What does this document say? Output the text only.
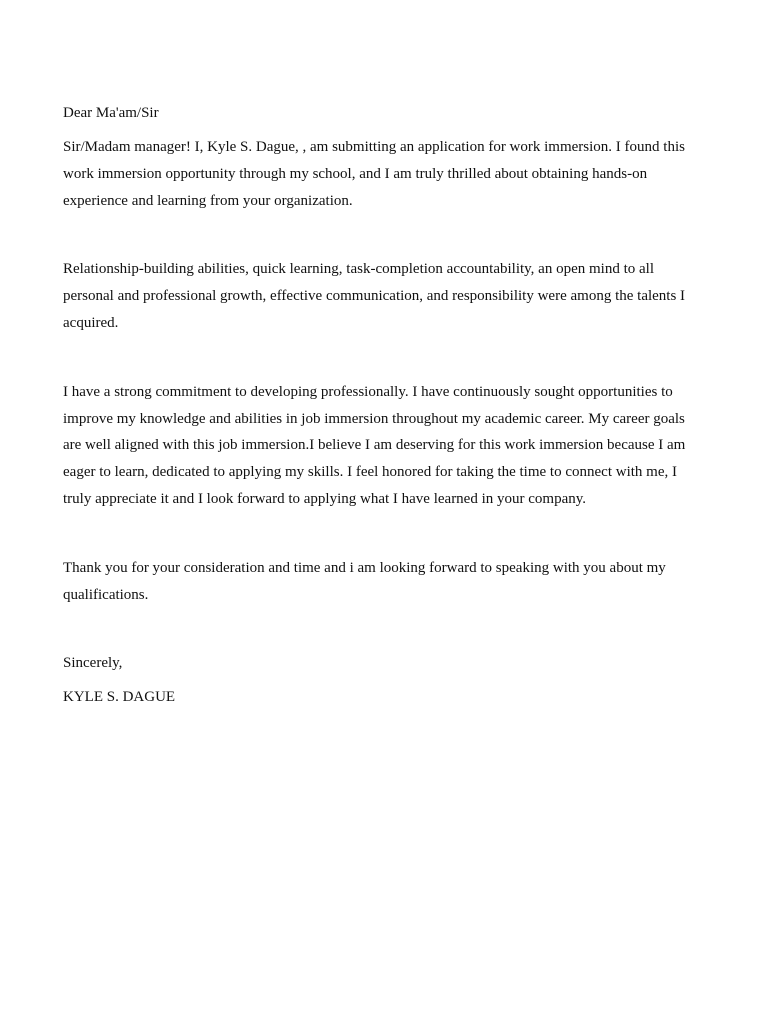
Dear Ma'am/Sir

Sir/Madam manager! I, Kyle S. Dague, , am submitting an application for work immersion. I found this work immersion opportunity through my school, and I am truly thrilled about obtaining hands-on experience and learning from your organization.

Relationship-building abilities, quick learning, task-completion accountability, an open mind to all personal and professional growth, effective communication, and responsibility were among the talents I acquired.

I have a strong commitment to developing professionally. I have continuously sought opportunities to improve my knowledge and abilities in job immersion throughout my academic career. My career goals are well aligned with this job immersion.I believe I am deserving for this work immersion because I am eager to learn, dedicated to applying my skills. I feel honored for taking the time to connect with me, I truly appreciate it and I look forward to applying what I have learned in your company.

Thank you for your consideration and time and i am looking forward to speaking with you about my qualifications.

Sincerely,

KYLE S. DAGUE
